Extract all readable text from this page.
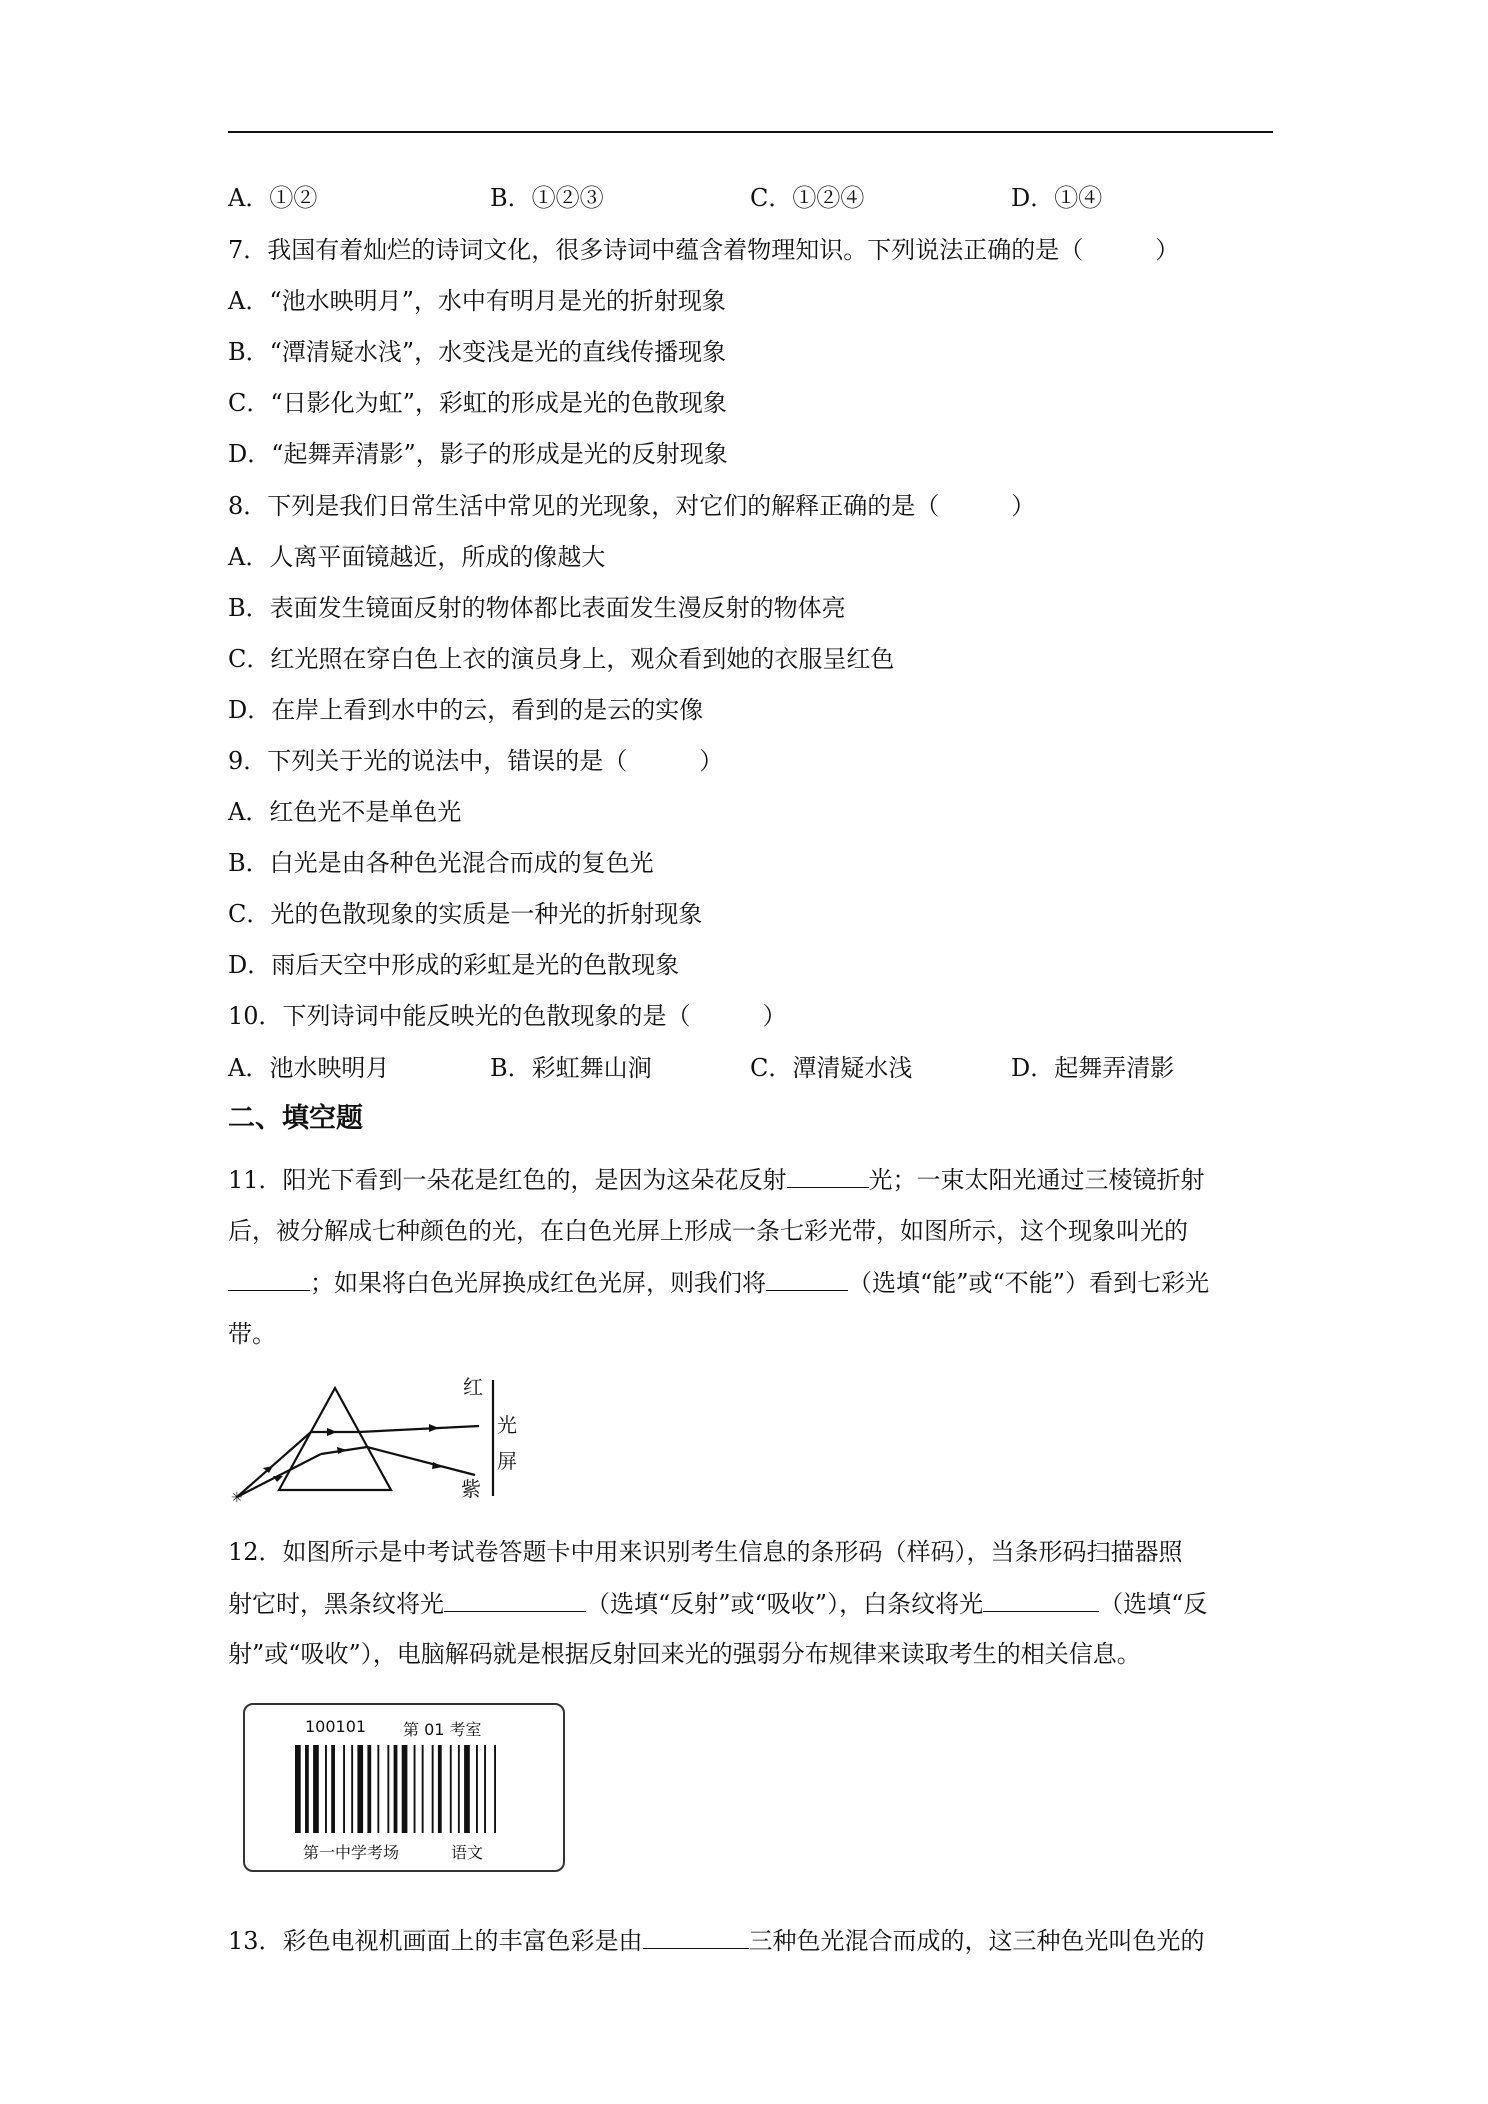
A．①②	B．①②③	C．①②④	D．①④
7．我国有着灿烂的诗词文化，很多诗词中蕴含着物理知识。下列说法正确的是（　　　）
A．“池水映明月”，水中有明月是光的折射现象
B．“潭清疑水浅”，水变浅是光的直线传播现象
C．“日影化为虹”，彩虹的形成是光的色散现象
D．“起舞弄清影”，影子的形成是光的反射现象
8．下列是我们日常生活中常见的光现象，对它们的解释正确的是（　　　）
A．人离平面镜越近，所成的像越大
B．表面发生镜面反射的物体都比表面发生漫反射的物体亮
C．红光照在穿白色上衣的演员身上，观众看到她的衣服呈红色
D．在岸上看到水中的云，看到的是云的实像
9．下列关于光的说法中，错误的是（　　　）
A．红色光不是单色光
B．白光是由各种色光混合而成的复色光
C．光的色散现象的实质是一种光的折射现象
D．雨后天空中形成的彩虹是光的色散现象
10．下列诗词中能反映光的色散现象的是（　　　）
A．池水映明月	B．彩虹舞山涧	C．潭清疑水浅	D．起舞弄清影
二、填空题
11．阳光下看到一朵花是红色的，是因为这朵花反射	光；一束太阳光通过三棱镜折射
后，被分解成七种颜色的光，在白色光屏上形成一条七彩光带，如图所示，这个现象叫光的
；如果将白色光屏换成红色光屏，则我们将	（选填“能”或“不能”）看到七彩光
带。
✳
红
光
屏
紫
12．如图所示是中考试卷答题卡中用来识别考生信息的条形码（样码），当条形码扫描器照
射它时，黑条纹将光	（选填“反射”或“吸收”），白条纹将光	（选填“反
射”或“吸收”），电脑解码就是根据反射回来光的强弱分布规律来读取考生的相关信息。
100101 第 01 考室
第一中学考场	语文
13．彩色电视机画面上的丰富色彩是由	三种色光混合而成的，这三种色光叫色光的
